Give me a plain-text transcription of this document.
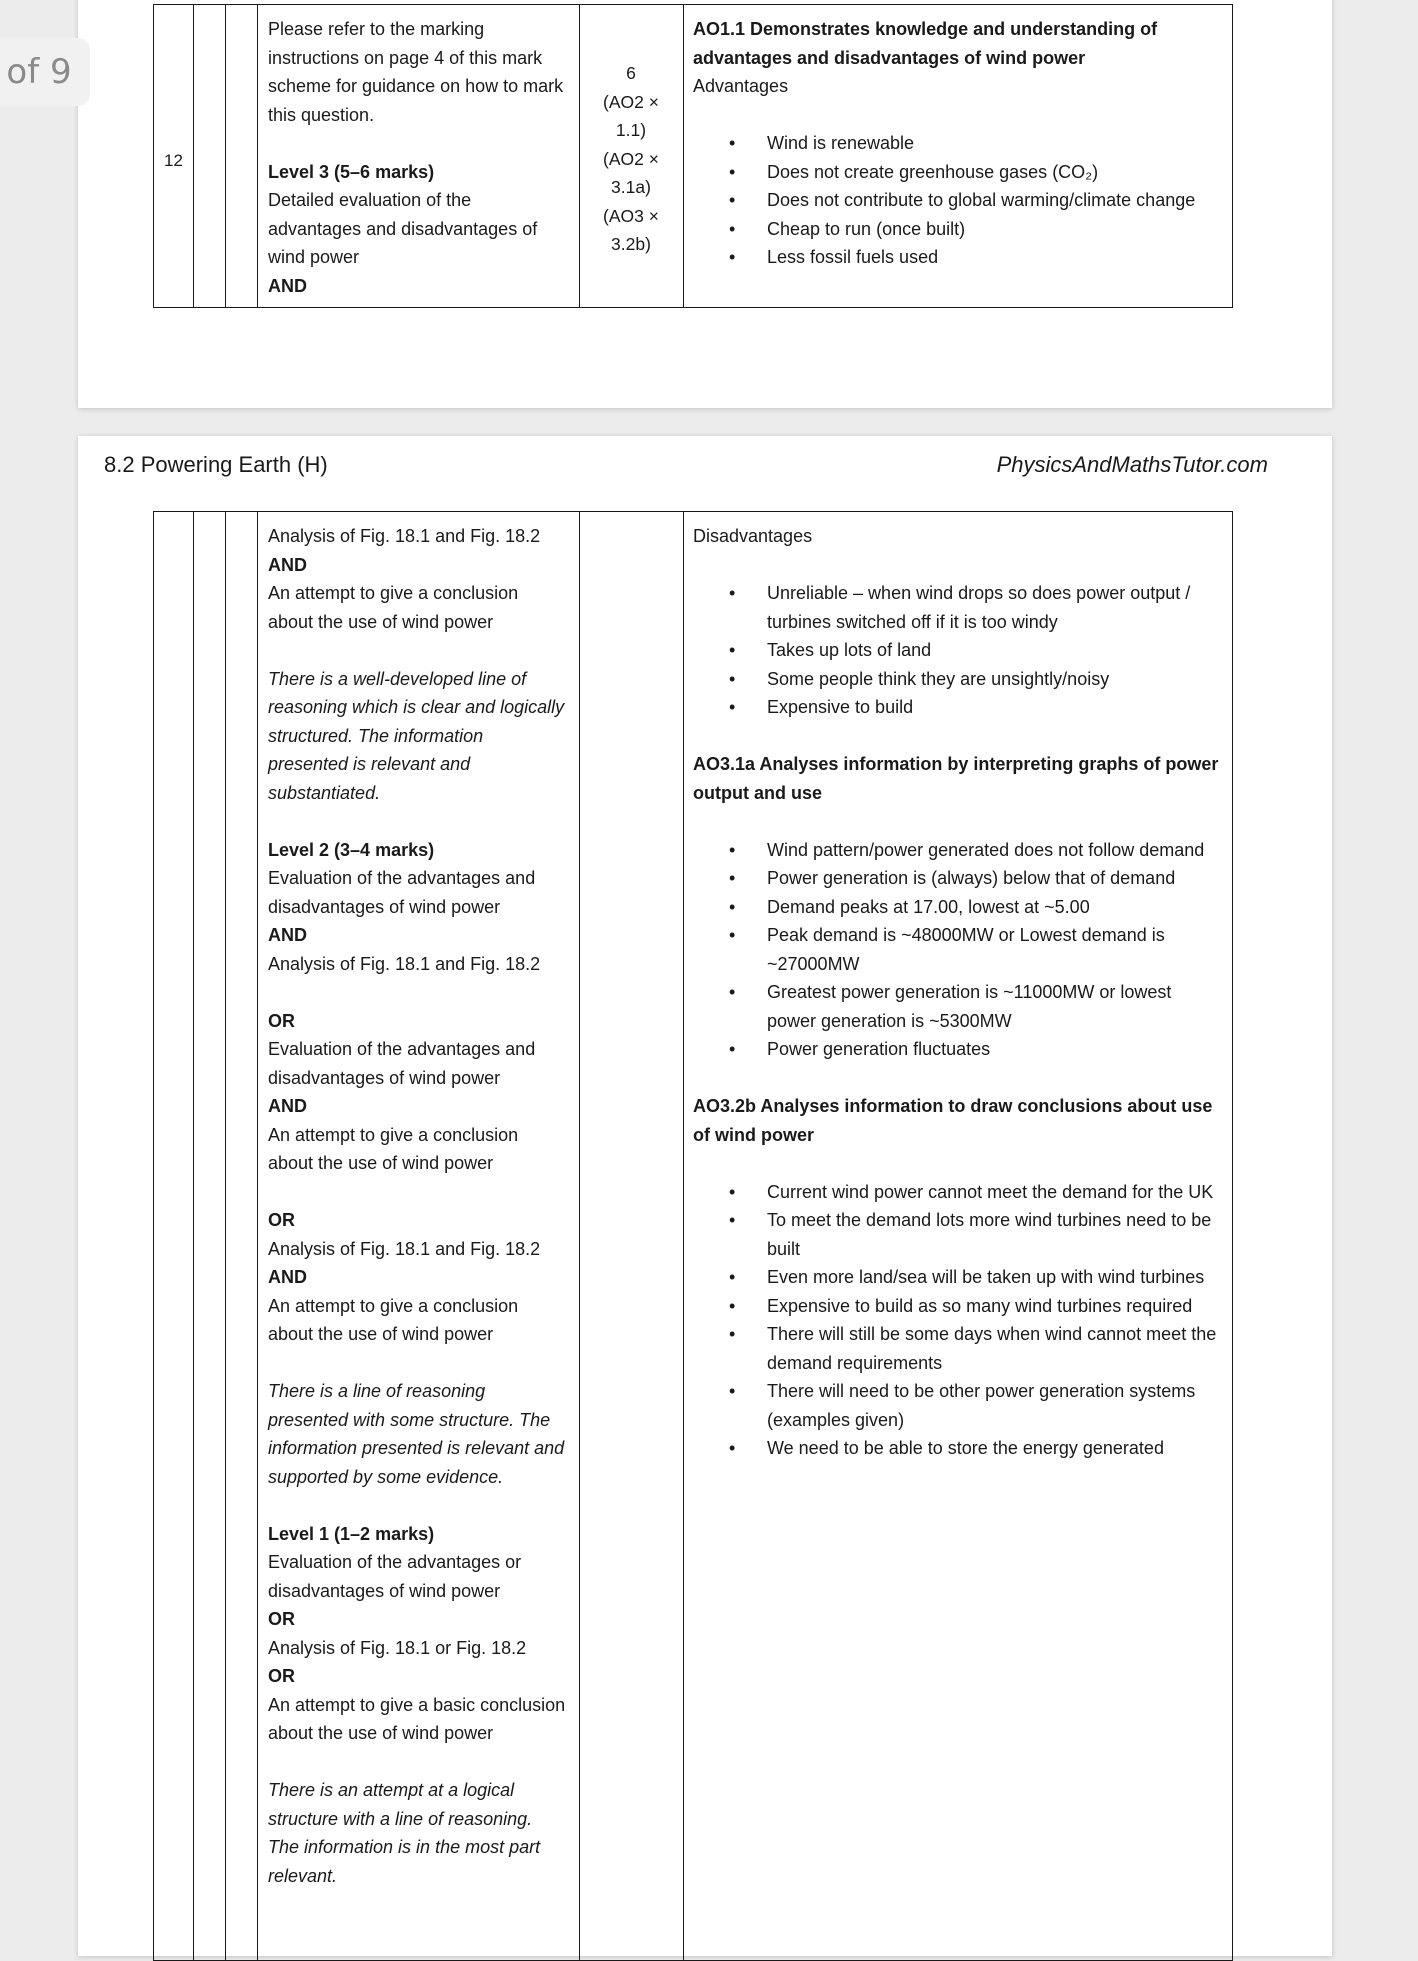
of 9
12

Please refer to the marking instructions on page 4 of this mark scheme for guidance on how to mark this question.

Level 3 (5–6 marks)

Detailed evaluation of the advantages and disadvantages of wind power

AND

6
(AO2 ×
1.1)
(AO2 ×
3.1a)
(AO3 ×
3.2b)

AO1.1 Demonstrates knowledge and understanding of advantages and disadvantages of wind power

Advantages

• Wind is renewable
• Does not create greenhouse gases (CO₂)
• Does not contribute to global warming/climate change
• Cheap to run (once built)
• Less fossil fuels used
8.2 Powering Earth (H)	PhysicsAndMathsTutor.com

Analysis of Fig. 18.1 and Fig. 18.2

AND

An attempt to give a conclusion about the use of wind power

There is a well-developed line of reasoning which is clear and logically structured. The information presented is relevant and substantiated.

Level 2 (3–4 marks)

Evaluation of the advantages and disadvantages of wind power

AND

Analysis of Fig. 18.1 and Fig. 18.2

OR

Evaluation of the advantages and disadvantages of wind power

AND

An attempt to give a conclusion about the use of wind power

OR

Analysis of Fig. 18.1 and Fig. 18.2

AND

An attempt to give a conclusion about the use of wind power

There is a line of reasoning presented with some structure. The information presented is relevant and supported by some evidence.

Level 1 (1–2 marks)

Evaluation of the advantages or disadvantages of wind power

OR

Analysis of Fig. 18.1 or Fig. 18.2

OR

An attempt to give a basic conclusion about the use of wind power

There is an attempt at a logical structure with a line of reasoning. The information is in the most part relevant.

Disadvantages

• Unreliable – when wind drops so does power output / turbines switched off if it is too windy
• Takes up lots of land
• Some people think they are unsightly/noisy
• Expensive to build

AO3.1a Analyses information by interpreting graphs of power output and use

• Wind pattern/power generated does not follow demand
• Power generation is (always) below that of demand
• Demand peaks at 17.00, lowest at ~5.00
• Peak demand is ~48000MW or Lowest demand is ~27000MW
• Greatest power generation is ~11000MW or lowest power generation is ~5300MW
• Power generation fluctuates

AO3.2b Analyses information to draw conclusions about use of wind power

• Current wind power cannot meet the demand for the UK
• To meet the demand lots more wind turbines need to be built
• Even more land/sea will be taken up with wind turbines
• Expensive to build as so many wind turbines required
• There will still be some days when wind cannot meet the demand requirements
• There will need to be other power generation systems (examples given)
• We need to be able to store the energy generated
